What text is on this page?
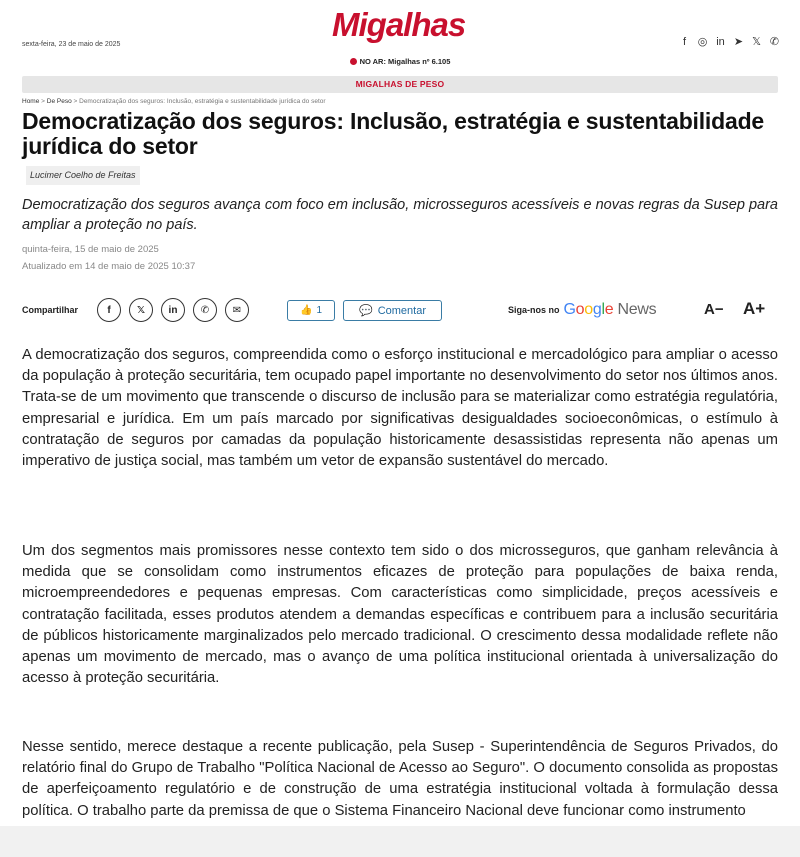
sexta-feira, 23 de maio de 2025
Migalhas	f	◎ in ➤ 𝕏 ✆
NO AR: Migalhas nº 6.105
MIGALHAS DE PESO
Home > De Peso > Democratização dos seguros: Inclusão, estratégia e sustentabilidade jurídica do setor
Democratização dos seguros: Inclusão, estratégia e sustentabilidade jurídica do setor
Lucimer Coelho de Freitas

Democratização dos seguros avança com foco em inclusão, microsseguros acessíveis e novas regras da Susep para ampliar a proteção no país.

quinta-feira, 15 de maio de 2025
Atualizado em 14 de maio de 2025 10:37
Compartilhar	f	𝕏	in	✆	✉	👍 1	💬 Comentar	Siga-nos no Google News	A− A+

A democratização dos seguros, compreendida como o esforço institucional e mercadológico para ampliar o acesso da população à proteção securitária, tem ocupado papel importante no desenvolvimento do setor nos últimos anos. Trata-se de um movimento que transcende o discurso de inclusão para se materializar como estratégia regulatória, empresarial e jurídica. Em um país marcado por significativas desigualdades socioeconômicas, o estímulo à contratação de seguros por camadas da população historicamente desassistidas representa não apenas um imperativo de justiça social, mas também um vetor de expansão sustentável do mercado.

Um dos segmentos mais promissores nesse contexto tem sido o dos microsseguros, que ganham relevância à medida que se consolidam como instrumentos eficazes de proteção para populações de baixa renda, microempreendedores e pequenas empresas. Com características como simplicidade, preços acessíveis e contratação facilitada, esses produtos atendem a demandas específicas e contribuem para a inclusão securitária de públicos historicamente marginalizados pelo mercado tradicional. O crescimento dessa modalidade reflete não apenas um movimento de mercado, mas o avanço de uma política institucional orientada à universalização do acesso à proteção securitária.

Nesse sentido, merece destaque a recente publicação, pela Susep - Superintendência de Seguros Privados, do relatório final do Grupo de Trabalho "Política Nacional de Acesso ao Seguro". O documento consolida as propostas de aperfeiçoamento regulatório e de construção de uma estratégia institucional voltada à formulação dessa política. O trabalho parte da premissa de que o Sistema Financeiro Nacional deve funcionar como instrumento
